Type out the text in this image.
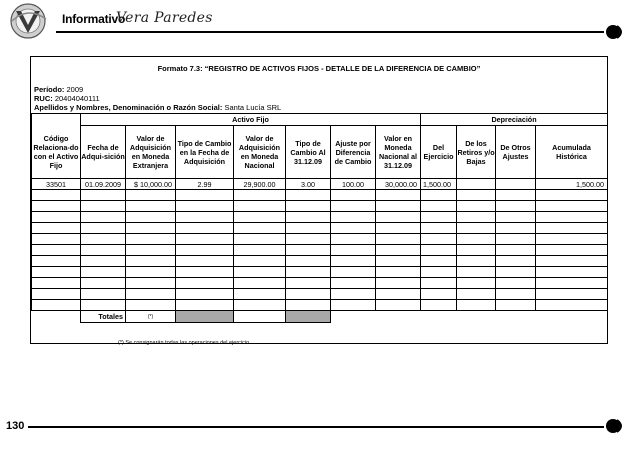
Informativo
Vera Paredes
Formato 7.3: “REGISTRO DE ACTIVOS FIJOS - DETALLE DE LA DIFERENCIA DE CAMBIO”
Período: 2009
RUC: 20404040111
Apellidos y Nombres, Denominación o Razón Social: Santa Lucía SRL
	Activo Fijo							Depreciación			
Código Relaciona-do con el Activo Fijo	Fecha de Adqui-sición	Valor de Adquisición en Moneda Extranjera	Tipo de Cambio en la Fecha de Adquisición	Valor de Adquisición en Moneda Nacional	Tipo de Cambio Al 31.12.09	Ajuste por Diferencia de Cambio	Valor en Moneda Nacional al 31.12.09	Del Ejercicio	De los Retiros y/o Bajas	De Otros Ajustes	Acumulada Histórica
33501	01.09.2009	$ 10,000.00	2.99	29,900.00	3.00	100.00	30,000.00	1,500.00			1,500.00

	Totales	(*)									
(*) Se consignarán todas las operaciones del ejercicio
130
